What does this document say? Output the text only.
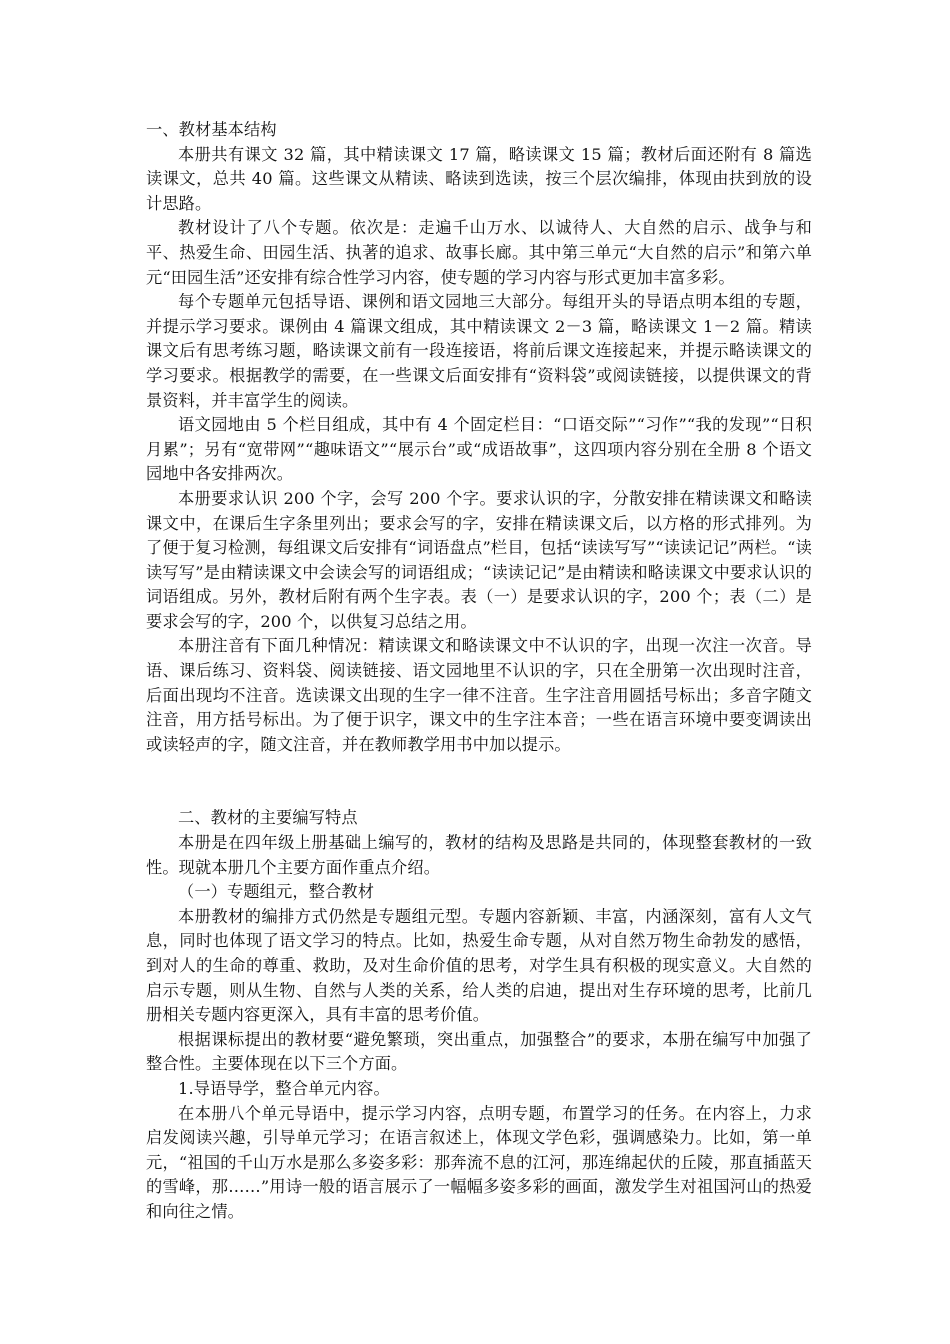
一、教材基本结构

本册共有课文 32 篇，其中精读课文 17 篇，略读课文 15 篇；教材后面还附有 8 篇选读课文，总共 40 篇。这些课文从精读、略读到选读，按三个层次编排，体现由扶到放的设计思路。

教材设计了八个专题。依次是：走遍千山万水、以诚待人、大自然的启示、战争与和平、热爱生命、田园生活、执著的追求、故事长廊。其中第三单元“大自然的启示”和第六单元“田园生活”还安排有综合性学习内容，使专题的学习内容与形式更加丰富多彩。

每个专题单元包括导语、课例和语文园地三大部分。每组开头的导语点明本组的专题，并提示学习要求。课例由 4 篇课文组成，其中精读课文 2－3 篇，略读课文 1－2 篇。精读课文后有思考练习题，略读课文前有一段连接语，将前后课文连接起来，并提示略读课文的学习要求。根据教学的需要，在一些课文后面安排有“资料袋”或阅读链接，以提供课文的背景资料，并丰富学生的阅读。

语文园地由 5 个栏目组成，其中有 4 个固定栏目：“口语交际”“习作”“我的发现”“日积月累”；另有“宽带网”“趣味语文”“展示台”或“成语故事”，这四项内容分别在全册 8 个语文园地中各安排两次。

本册要求认识 200 个字，会写 200 个字。要求认识的字，分散安排在精读课文和略读课文中，在课后生字条里列出；要求会写的字，安排在精读课文后，以方格的形式排列。为了便于复习检测，每组课文后安排有“词语盘点”栏目，包括“读读写写”“读读记记”两栏。“读读写写”是由精读课文中会读会写的词语组成；“读读记记”是由精读和略读课文中要求认识的词语组成。另外，教材后附有两个生字表。表（一）是要求认识的字，200 个；表（二）是要求会写的字，200 个，以供复习总结之用。

本册注音有下面几种情况：精读课文和略读课文中不认识的字，出现一次注一次音。导语、课后练习、资料袋、阅读链接、语文园地里不认识的字，只在全册第一次出现时注音，后面出现均不注音。选读课文出现的生字一律不注音。生字注音用圆括号标出；多音字随文注音，用方括号标出。为了便于识字，课文中的生字注本音；一些在语言环境中要变调读出或读轻声的字，随文注音，并在教师教学用书中加以提示。

二、教材的主要编写特点

本册是在四年级上册基础上编写的，教材的结构及思路是共同的，体现整套教材的一致性。现就本册几个主要方面作重点介绍。

（一）专题组元，整合教材

本册教材的编排方式仍然是专题组元型。专题内容新颖、丰富，内涵深刻，富有人文气息，同时也体现了语文学习的特点。比如，热爱生命专题，从对自然万物生命勃发的感悟，到对人的生命的尊重、救助，及对生命价值的思考，对学生具有积极的现实意义。大自然的启示专题，则从生物、自然与人类的关系，给人类的启迪，提出对生存环境的思考，比前几册相关专题内容更深入，具有丰富的思考价值。

根据课标提出的教材要“避免繁琐，突出重点，加强整合”的要求，本册在编写中加强了整合性。主要体现在以下三个方面。

1.导语导学，整合单元内容。

在本册八个单元导语中，提示学习内容，点明专题，布置学习的任务。在内容上，力求启发阅读兴趣，引导单元学习；在语言叙述上，体现文学色彩，强调感染力。比如，第一单元，“祖国的千山万水是那么多姿多彩：那奔流不息的江河，那连绵起伏的丘陵，那直插蓝天的雪峰，那……”用诗一般的语言展示了一幅幅多姿多彩的画面，激发学生对祖国河山的热爱和向往之情。
